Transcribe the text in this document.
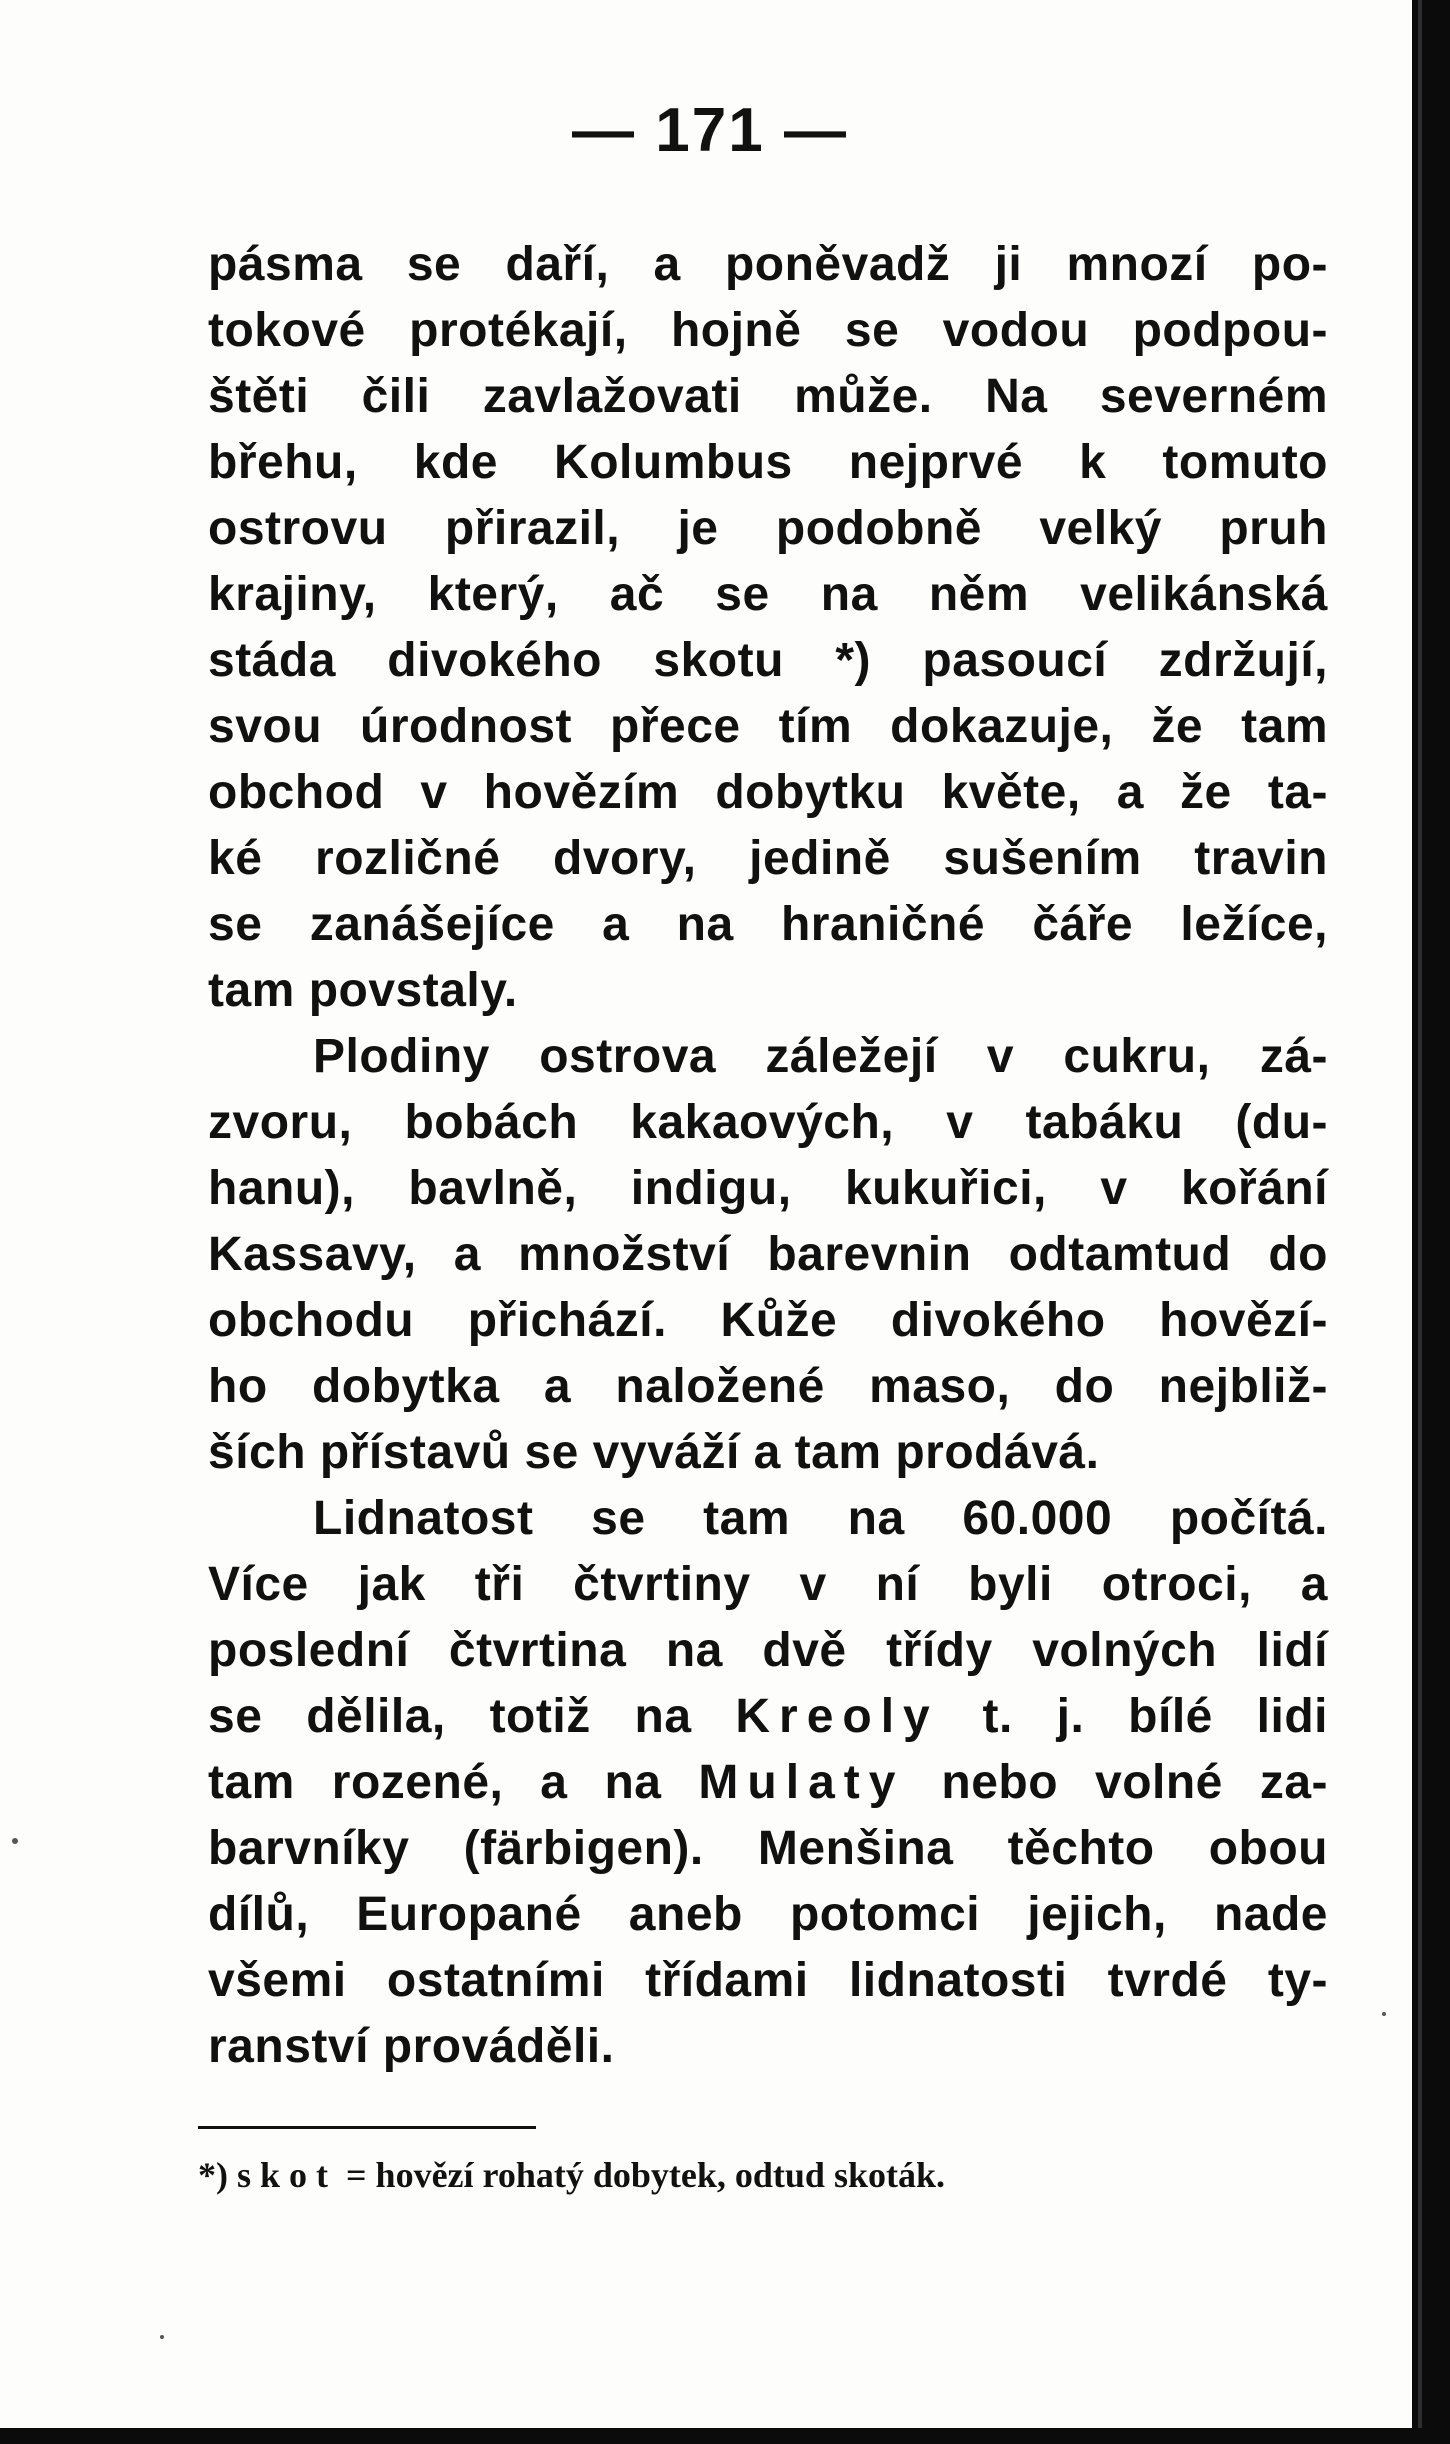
— 171 —
pásma se daří, a poněvadž ji mnozí po-
tokové protékají, hojně se vodou podpou-
štěti čili zavlažovati může. Na severném
břehu, kde Kolumbus nejprvé k tomuto
ostrovu přirazil, je podobně velký pruh
krajiny, který, ač se na něm velikánská
stáda divokého skotu *) pasoucí zdržují,
svou úrodnost přece tím dokazuje, že tam
obchod v hovězím dobytku květe, a že ta-
ké rozličné dvory, jedině sušením travin
se zanášejíce a na hraničné čáře ležíce,
tam povstaly.
Plodiny ostrova záležejí v cukru, zá-
zvoru, bobách kakaových, v tabáku (du-
hanu), bavlně, indigu, kukuřici, v kořání
Kassavy, a množství barevnin odtamtud do
obchodu přichází. Kůže divokého hovězí-
ho dobytka a naložené maso, do nejbliž-
ších přístavů se vyváží a tam prodává.
Lidnatost se tam na 60.000 počítá.
Více jak tři čtvrtiny v ní byli otroci, a
poslední čtvrtina na dvě třídy volných lidí
se dělila, totiž na Kreoly t. j. bílé lidi
tam rozené, a na Mulaty nebo volné za-
barvníky (färbigen). Menšina těchto obou
dílů, Europané aneb potomci jejich, nade
všemi ostatními třídami lidnatosti tvrdé ty-
ranství prováděli.
*) skot = hovězí rohatý dobytek, odtud skoták.
